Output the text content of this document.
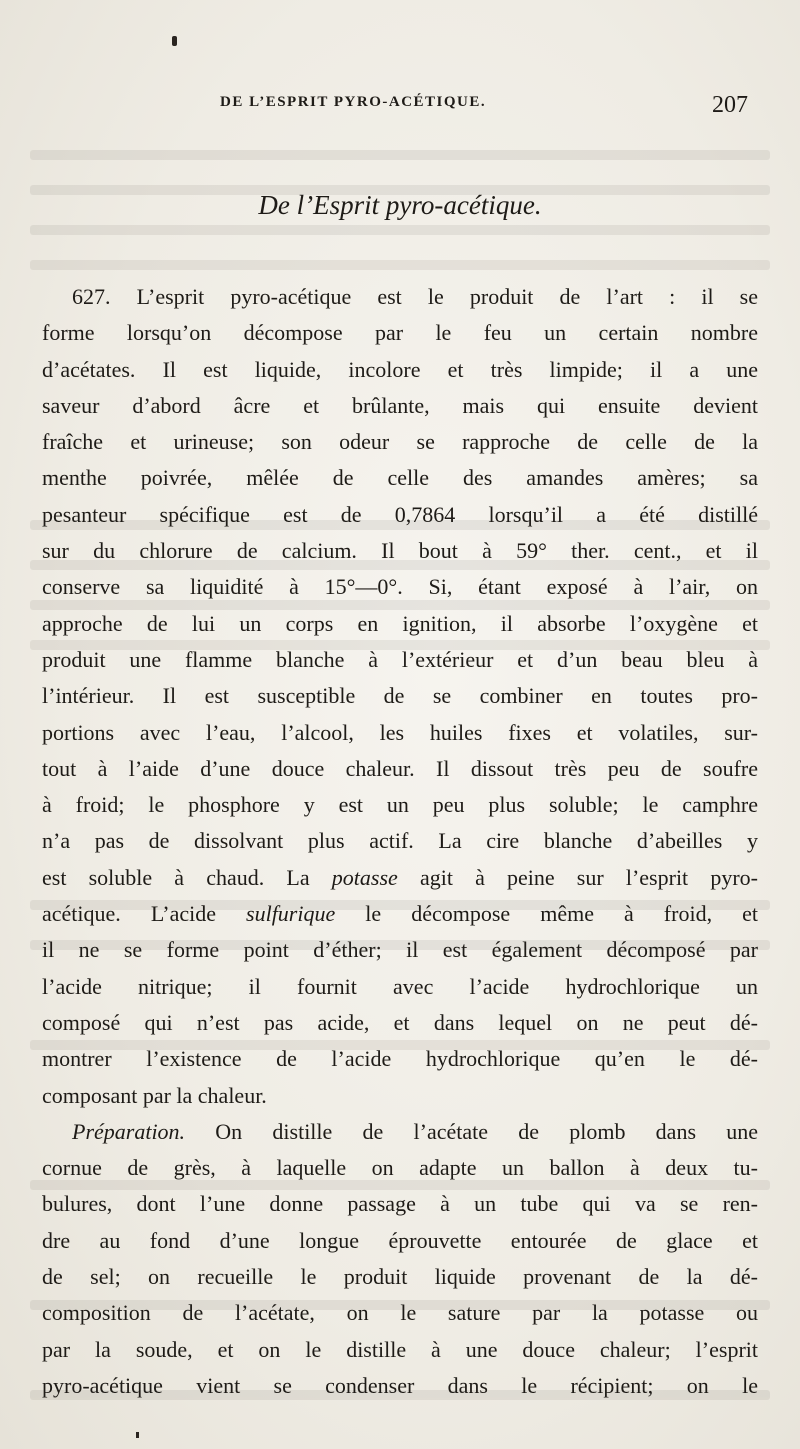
DE L’ESPRIT PYRO-ACÉTIQUE.	207
De l’Esprit pyro-acétique.
627. L’esprit pyro-acétique est le produit de l’art : il se
forme lorsqu’on décompose par le feu un certain nombre
d’acétates. Il est liquide, incolore et très limpide; il a une
saveur d’abord âcre et brûlante, mais qui ensuite devient
fraîche et urineuse; son odeur se rapproche de celle de la
menthe poivrée, mêlée de celle des amandes amères; sa
pesanteur spécifique est de 0,7864 lorsqu’il a été distillé
sur du chlorure de calcium. Il bout à 59° ther. cent., et il
conserve sa liquidité à 15°—0°. Si, étant exposé à l’air, on
approche de lui un corps en ignition, il absorbe l’oxygène et
produit une flamme blanche à l’extérieur et d’un beau bleu à
l’intérieur. Il est susceptible de se combiner en toutes pro-
portions avec l’eau, l’alcool, les huiles fixes et volatiles, sur-
tout à l’aide d’une douce chaleur. Il dissout très peu de soufre
à froid; le phosphore y est un peu plus soluble; le camphre
n’a pas de dissolvant plus actif. La cire blanche d’abeilles y
est soluble à chaud. La potasse agit à peine sur l’esprit pyro-
acétique. L’acide sulfurique le décompose même à froid, et
il ne se forme point d’éther; il est également décomposé par
l’acide nitrique; il fournit avec l’acide hydrochlorique un
composé qui n’est pas acide, et dans lequel on ne peut dé-
montrer l’existence de l’acide hydrochlorique qu’en le dé-
composant par la chaleur.
Préparation. On distille de l’acétate de plomb dans une
cornue de grès, à laquelle on adapte un ballon à deux tu-
bulures, dont l’une donne passage à un tube qui va se ren-
dre au fond d’une longue éprouvette entourée de glace et
de sel; on recueille le produit liquide provenant de la dé-
composition de l’acétate, on le sature par la potasse ou
par la soude, et on le distille à une douce chaleur; l’esprit
pyro-acétique vient se condenser dans le récipient; on le
